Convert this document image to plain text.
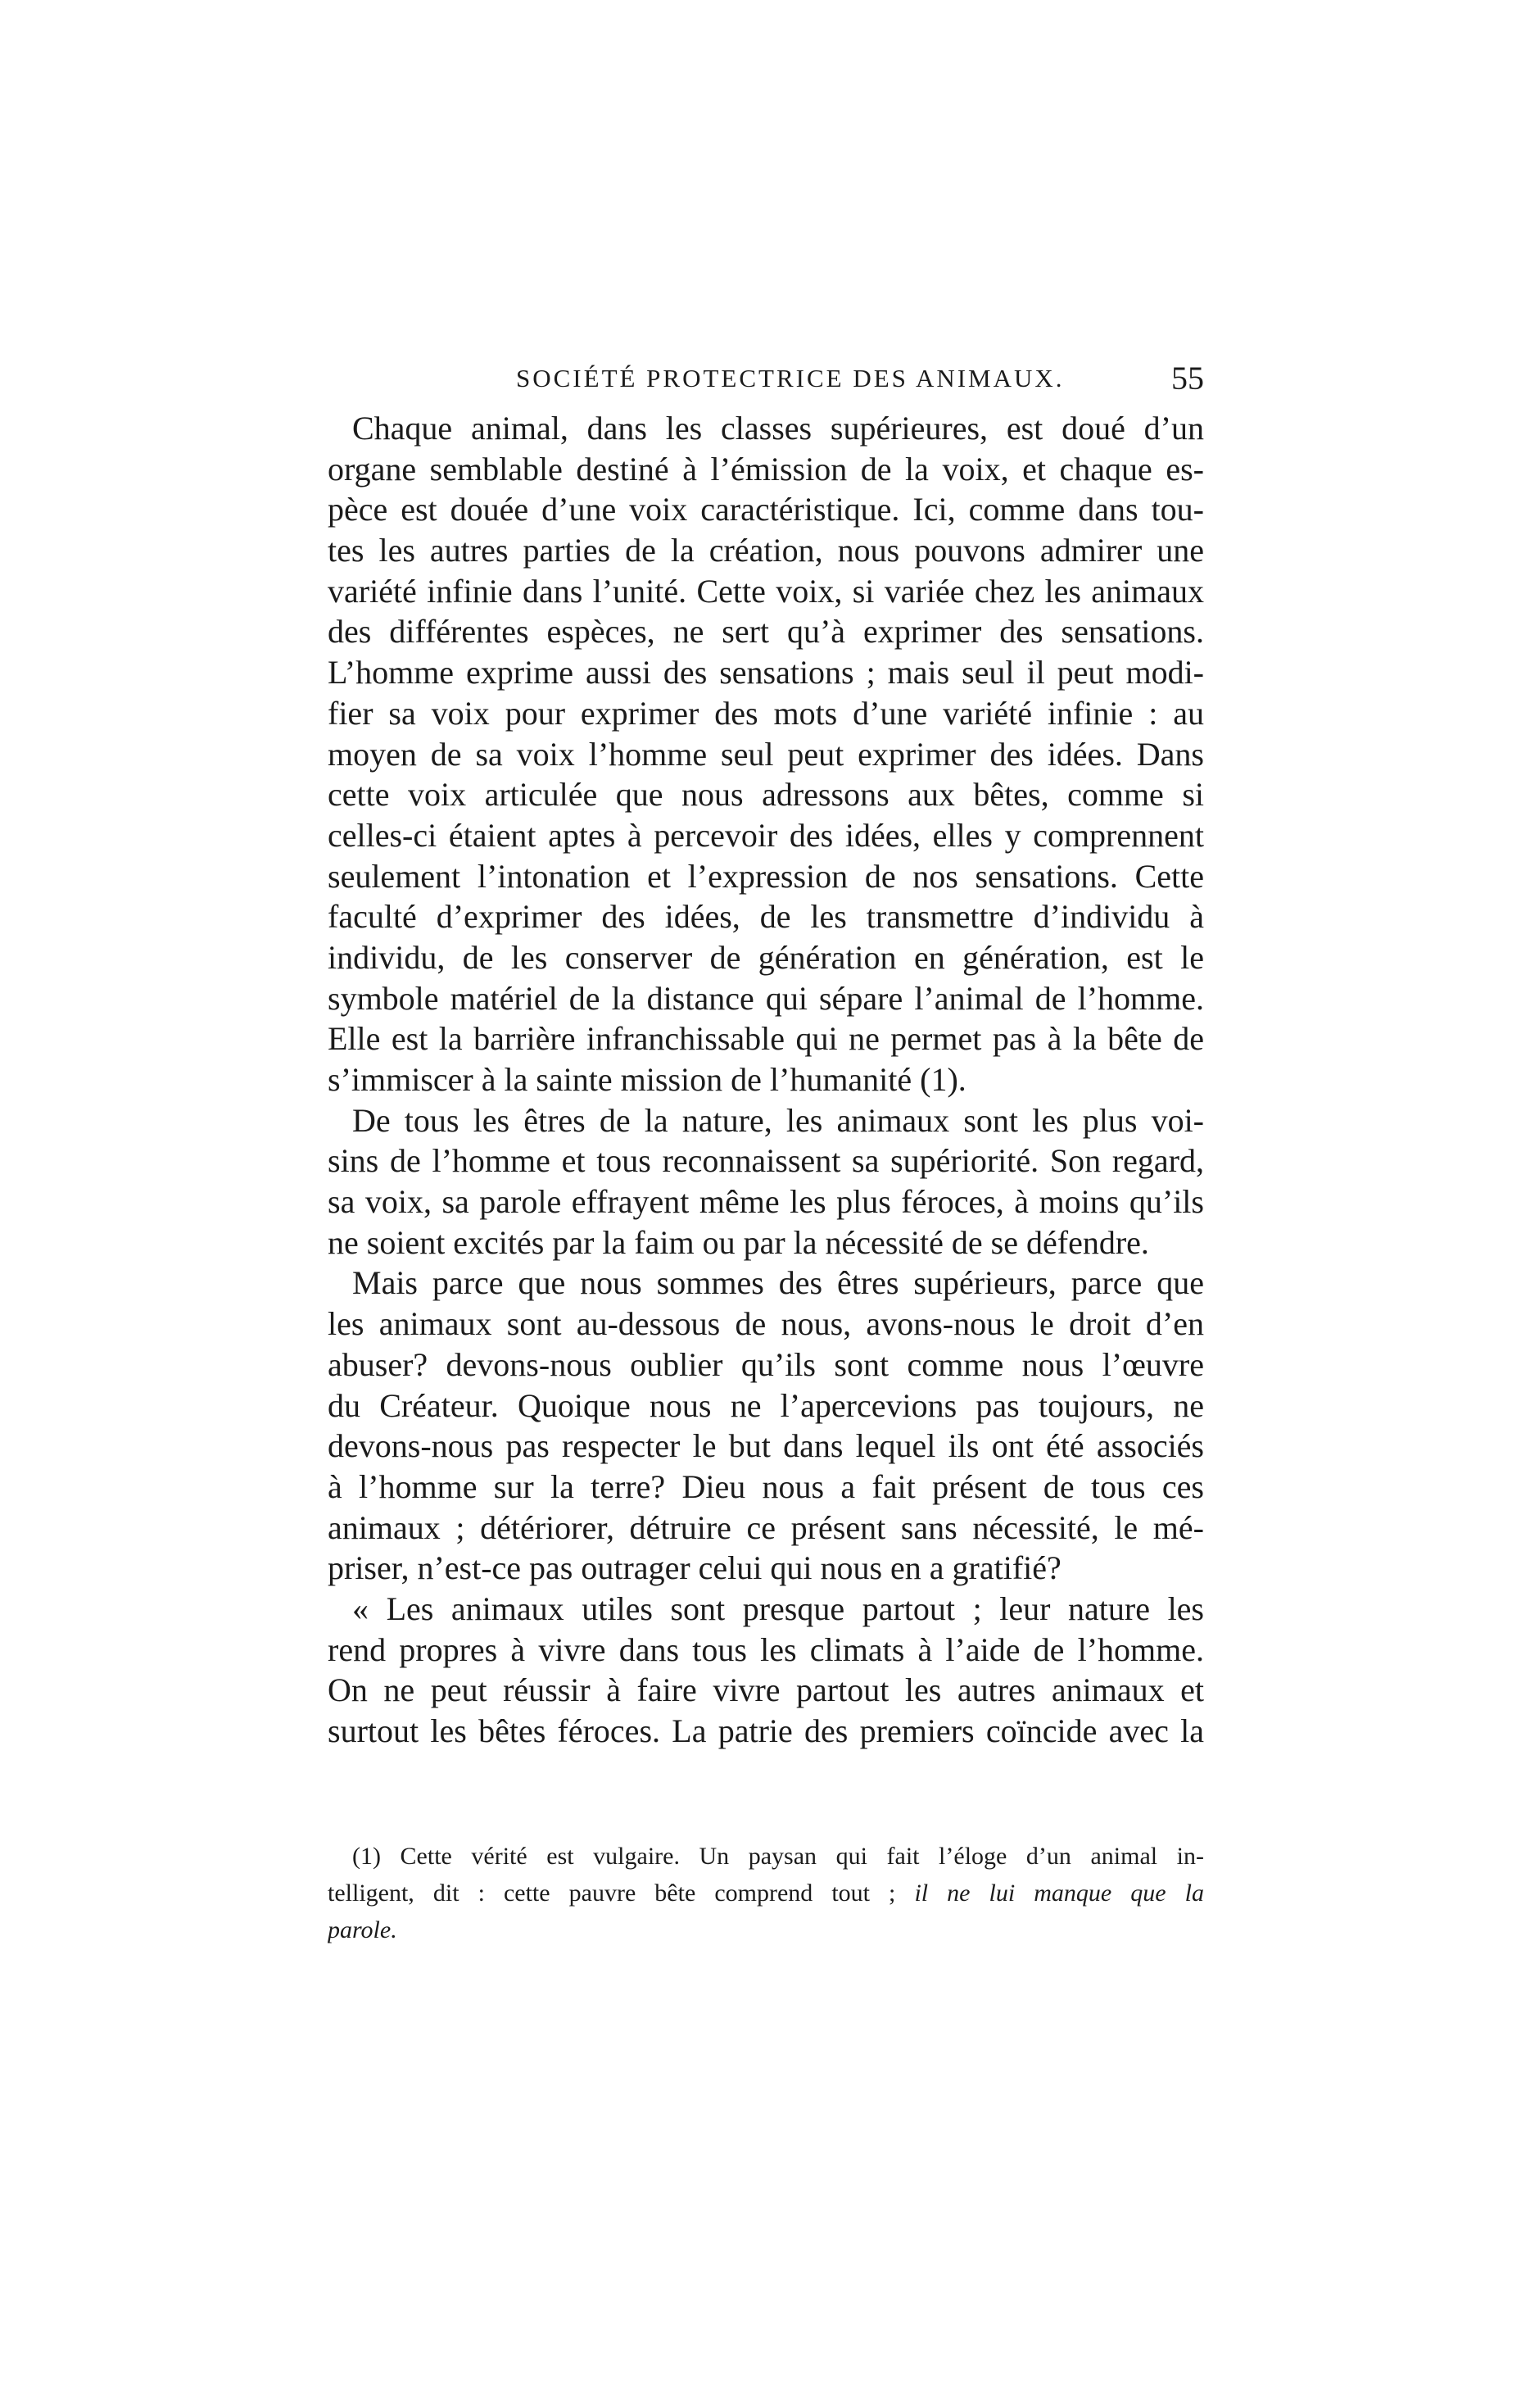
SOCIÉTÉ PROTECTRICE DES ANIMAUX.	55
Chaque animal, dans les classes supérieures, est doué d’un
organe semblable destiné à l’émission de la voix, et chaque es-
pèce est douée d’une voix caractéristique. Ici, comme dans tou-
tes les autres parties de la création, nous pouvons admirer une
variété infinie dans l’unité. Cette voix, si variée chez les animaux
des différentes espèces, ne sert qu’à exprimer des sensations.
L’homme exprime aussi des sensations ; mais seul il peut modi-
fier sa voix pour exprimer des mots d’une variété infinie : au
moyen de sa voix l’homme seul peut exprimer des idées. Dans
cette voix articulée que nous adressons aux bêtes, comme si
celles-ci étaient aptes à percevoir des idées, elles y comprennent
seulement l’intonation et l’expression de nos sensations. Cette
faculté d’exprimer des idées, de les transmettre d’individu à
individu, de les conserver de génération en génération, est le
symbole matériel de la distance qui sépare l’animal de l’homme.
Elle est la barrière infranchissable qui ne permet pas à la bête de
s’immiscer à la sainte mission de l’humanité (1).
De tous les êtres de la nature, les animaux sont les plus voi-
sins de l’homme et tous reconnaissent sa supériorité. Son regard,
sa voix, sa parole effrayent même les plus féroces, à moins qu’ils
ne soient excités par la faim ou par la nécessité de se défendre.
Mais parce que nous sommes des êtres supérieurs, parce que
les animaux sont au-dessous de nous, avons-nous le droit d’en
abuser? devons-nous oublier qu’ils sont comme nous l’œuvre
du Créateur. Quoique nous ne l’apercevions pas toujours, ne
devons-nous pas respecter le but dans lequel ils ont été associés
à l’homme sur la terre? Dieu nous a fait présent de tous ces
animaux ; détériorer, détruire ce présent sans nécessité, le mé-
priser, n’est-ce pas outrager celui qui nous en a gratifié?
« Les animaux utiles sont presque partout ; leur nature les
rend propres à vivre dans tous les climats à l’aide de l’homme.
On ne peut réussir à faire vivre partout les autres animaux et
surtout les bêtes féroces. La patrie des premiers coïncide avec la
(1) Cette vérité est vulgaire. Un paysan qui fait l’éloge d’un animal in-
telligent, dit : cette pauvre bête comprend tout ; il ne lui manque que la
parole.
